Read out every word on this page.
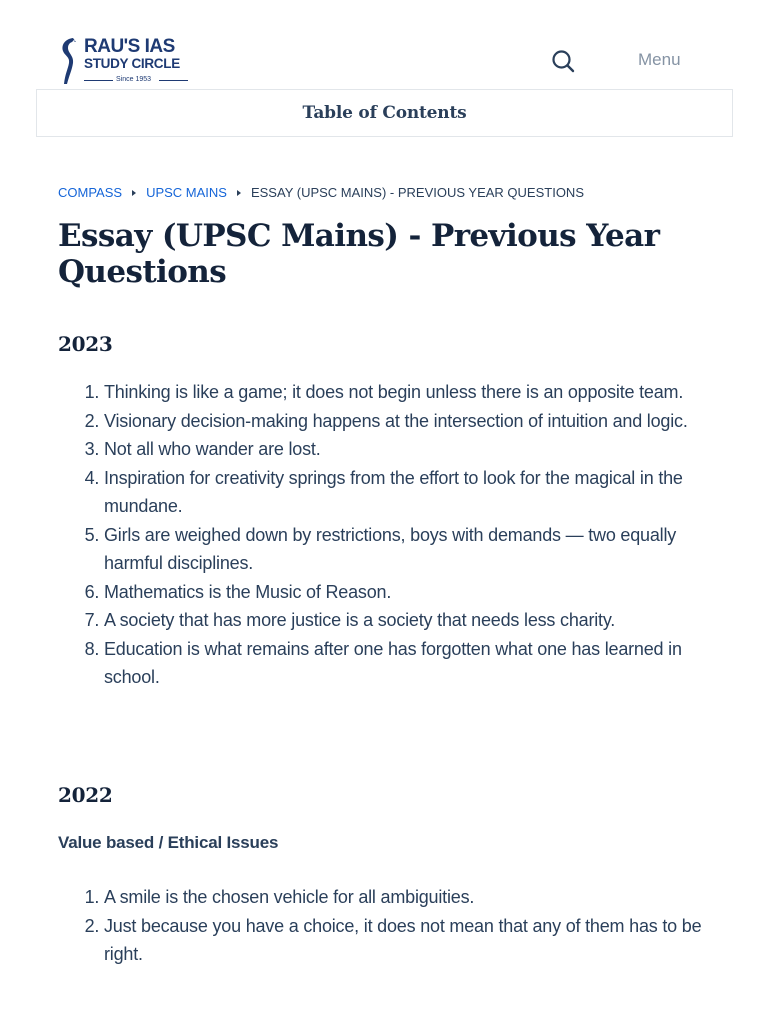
RAU'S IAS
STUDY CIRCLE
Since 1953
Menu
Table of Contents
COMPASS UPSC MAINS ESSAY (UPSC MAINS) - PREVIOUS YEAR QUESTIONS
Essay (UPSC Mains) - Previous Year Questions
2023
1. Thinking is like a game; it does not begin unless there is an opposite team.
2. Visionary decision-making happens at the intersection of intuition and logic.
3. Not all who wander are lost.
4. Inspiration for creativity springs from the effort to look for the magical in the mundane.
5. Girls are weighed down by restrictions, boys with demands — two equally harmful disciplines.
6. Mathematics is the Music of Reason.
7. A society that has more justice is a society that needs less charity.
8. Education is what remains after one has forgotten what one has learned in school.
2022
Value based / Ethical Issues
1. A smile is the chosen vehicle for all ambiguities.
2. Just because you have a choice, it does not mean that any of them has to be right.
